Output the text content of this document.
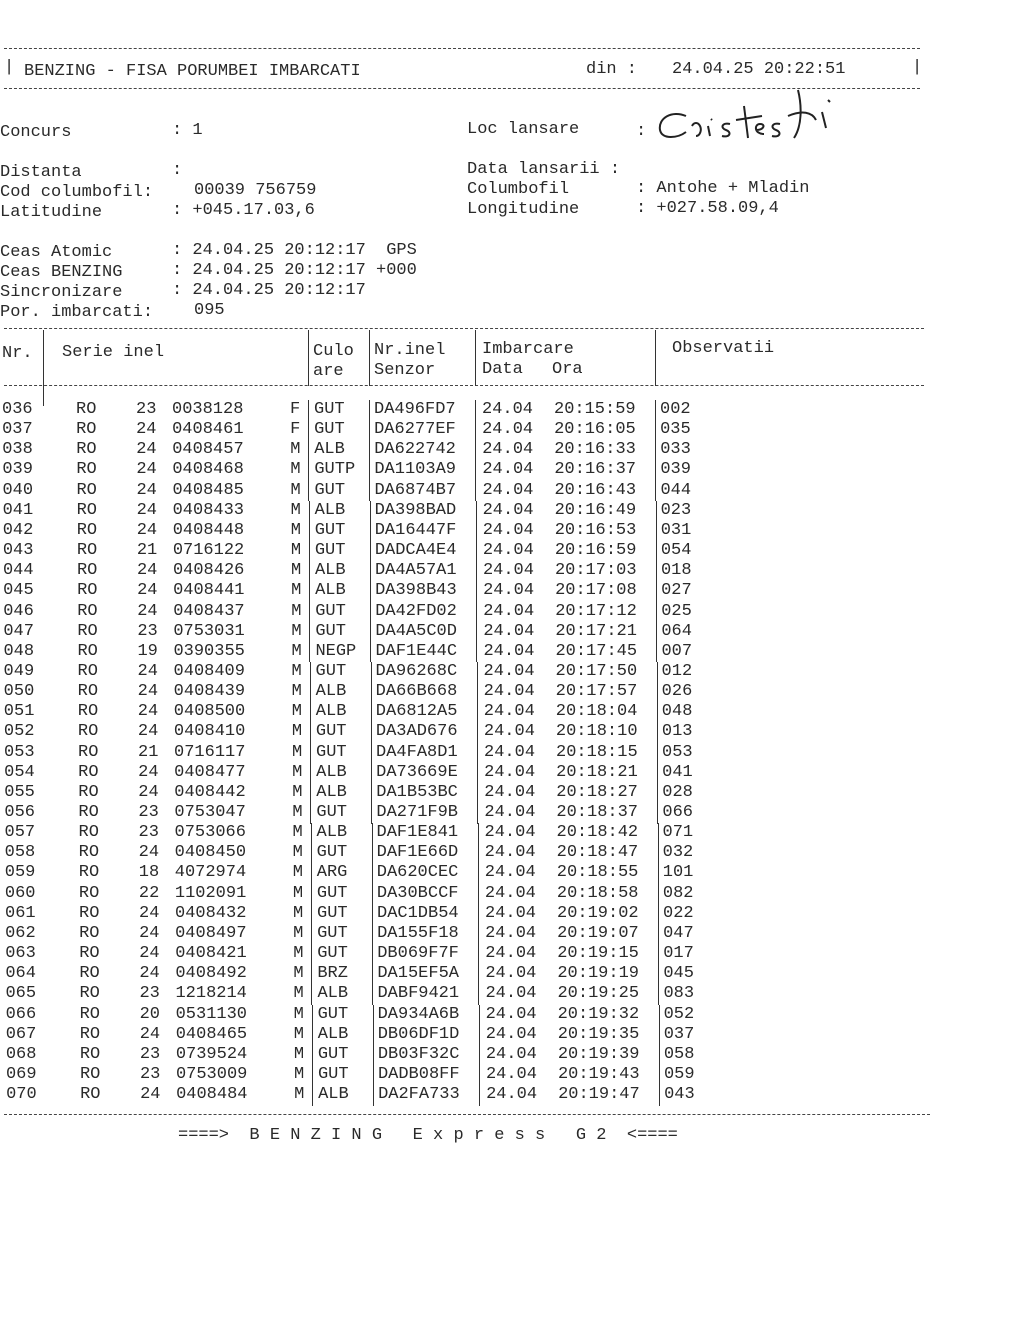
|	|
BENZING - FISA PORUMBEI IMBARCATI	din : 24.04.25 20:22:51
Concurs	: 1	Loc lansare	:
Distanta	:	Data lansarii :
Cod columbofil: 00039 756759	Columbofil	: Antohe + Mladin
Latitudine	: +045.17.03,6	Longitudine	: +027.58.09,4
Ceas Atomic	: 24.04.25 20:12:17  GPS
Ceas BENZING	: 24.04.25 20:12:17 +000
Sincronizare	: 24.04.25 20:12:17
Por. imbarcati: 095
Nr. Serie inel	Culo
are
Nr.inel
Senzor
Imbarcare
Data Ora
Observatii
036	RO 23 0038128	F GUT DA496FD7 24.04 20:15:59 002
037	RO 24 0408461	F GUT DA6277EF 24.04 20:16:05 035
038	RO 24 0408457	M ALB DA622742 24.04 20:16:33 033
039	RO 24 0408468	M GUTP DA1103A9 24.04 20:16:37 039
040	RO 24 0408485	M GUT DA6874B7 24.04 20:16:43 044
041	RO 24 0408433	M ALB DA398BAD 24.04 20:16:49 023
042	RO 24 0408448	M GUT DA16447F 24.04 20:16:53 031
043	RO 21 0716122	M GUT DADCA4E4 24.04 20:16:59 054
044	RO 24 0408426	M ALB DA4A57A1 24.04 20:17:03 018
045	RO 24 0408441	M ALB DA398B43 24.04 20:17:08 027
046	RO 24 0408437	M GUT DA42FD02 24.04 20:17:12 025
047	RO 23 0753031	M GUT DA4A5C0D 24.04 20:17:21 064
048	RO 19 0390355	M NEGP DAF1E44C 24.04 20:17:45 007
049	RO 24 0408409	M GUT DA96268C 24.04 20:17:50 012
050	RO 24 0408439	M ALB DA66B668 24.04 20:17:57 026
051	RO 24 0408500	M ALB DA6812A5 24.04 20:18:04 048
052	RO 24 0408410	M GUT DA3AD676 24.04 20:18:10 013
053	RO 21 0716117	M GUT DA4FA8D1 24.04 20:18:15 053
054	RO 24 0408477	M ALB DA73669E 24.04 20:18:21 041
055	RO 24 0408442	M ALB DA1B53BC 24.04 20:18:27 028
056	RO 23 0753047	M GUT DA271F9B 24.04 20:18:37 066
057	RO 23 0753066	M ALB DAF1E841 24.04 20:18:42 071
058	RO 24 0408450	M GUT DAF1E66D 24.04 20:18:47 032
059	RO 18 4072974	M ARG DA620CEC 24.04 20:18:55 101
060	RO 22 1102091	M GUT DA30BCCF 24.04 20:18:58 082
061	RO 24 0408432	M GUT DAC1DB54 24.04 20:19:02 022
062	RO 24 0408497	M GUT DA155F18 24.04 20:19:07 047
063	RO 24 0408421	M GUT DB069F7F 24.04 20:19:15 017
064	RO 24 0408492	M BRZ DA15EF5A 24.04 20:19:19 045
065	RO 23 1218214	M ALB DABF9421 24.04 20:19:25 083
066	RO 20 0531130	M GUT DA934A6B 24.04 20:19:32 052
067	RO 24 0408465	M ALB DB06DF1D 24.04 20:19:35 037
068	RO 23 0739524	M GUT DB03F32C 24.04 20:19:39 058
069	RO 23 0753009	M GUT DADB08FF 24.04 20:19:43 059
070	RO 24 0408484	M ALB DA2FA733 24.04 20:19:47 043
====>  B E N Z I N G   E x p r e s s   G 2  <====
